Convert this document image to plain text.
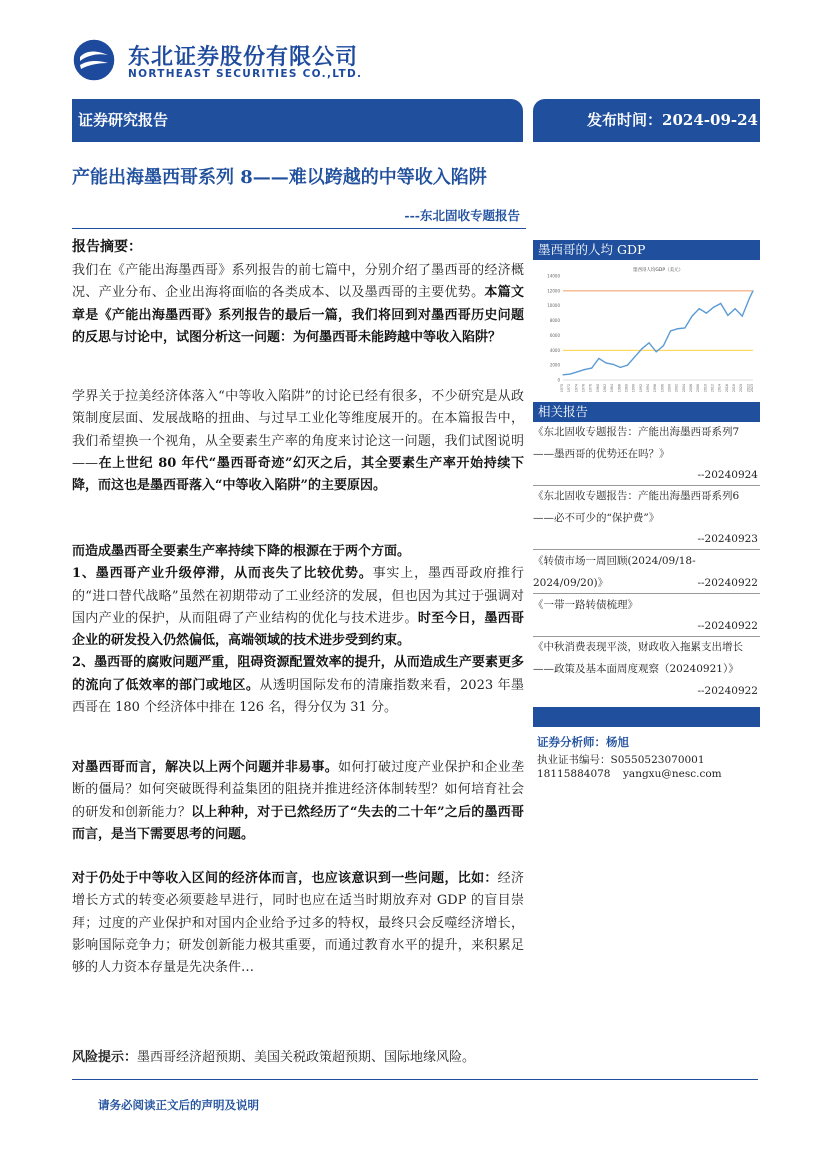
东北证券股份有限公司
NORTHEAST SECURITIES CO.,LTD.
证券研究报告	发布时间：2024-09-24
产能出海墨西哥系列 8——难以跨越的中等收入陷阱
---东北固收专题报告
报告摘要：
我们在《产能出海墨西哥》系列报告的前七篇中，分别介绍了墨西哥的经济概况、产业分布、企业出海将面临的各类成本、以及墨西哥的主要优势。本篇文章是《产能出海墨西哥》系列报告的最后一篇，我们将回到对墨西哥历史问题的反思与讨论中，试图分析这一问题：为何墨西哥未能跨越中等收入陷阱？
学界关于拉美经济体落入“中等收入陷阱”的讨论已经有很多，不少研究是从政策制度层面、发展战略的扭曲、与过早工业化等维度展开的。在本篇报告中，我们希望换一个视角，从全要素生产率的角度来讨论这一问题，我们试图说明——在上世纪 80 年代“墨西哥奇迹”幻灭之后，其全要素生产率开始持续下降，而这也是墨西哥落入“中等收入陷阱”的主要原因。
而造成墨西哥全要素生产率持续下降的根源在于两个方面。
1、墨西哥产业升级停滞，从而丧失了比较优势。事实上，墨西哥政府推行的“进口替代战略”虽然在初期带动了工业经济的发展，但也因为其过于强调对国内产业的保护，从而阻碍了产业结构的优化与技术进步。时至今日，墨西哥企业的研发投入仍然偏低，高端领域的技术进步受到约束。
2、墨西哥的腐败问题严重，阻碍资源配置效率的提升，从而造成生产要素更多的流向了低效率的部门或地区。从透明国际发布的清廉指数来看，2023 年墨西哥在 180 个经济体中排在 126 名，得分仅为 31 分。
对墨西哥而言，解决以上两个问题并非易事。如何打破过度产业保护和企业垄断的僵局？如何突破既得利益集团的阻挠并推进经济体制转型？如何培育社会的研发和创新能力？以上种种，对于已然经历了“失去的二十年”之后的墨西哥而言，是当下需要思考的问题。
对于仍处于中等收入区间的经济体而言，也应该意识到一些问题，比如：经济增长方式的转变必须要趁早进行，同时也应在适当时期放弃对 GDP 的盲目崇拜；过度的产业保护和对国内企业给予过多的特权，最终只会反噬经济增长，影响国际竞争力；研发创新能力极其重要，而通过教育水平的提升，来积累足够的人力资本存量是先决条件…
风险提示：墨西哥经济超预期、美国关税政策超预期、国际地缘风险。
请务必阅读正文后的声明及说明
墨西哥的人均 GDP
墨西哥人均GDP（美元）
0
2000
4000
6000
8000
10000
12000
14000
1970 1972 1974 1976 1978 1980 1982 1984 1986 1988 1990 1992 1994 1996 1998 2000 2002 2004 2006 2008 2010 2012 2014 2016 2018 2020 2022 2023
相关报告
《东北固收专题报告：产能出海墨西哥系列7——墨西哥的优势还在吗？》
--20240924
《东北固收专题报告：产能出海墨西哥系列6——必不可少的“保护费”》
--20240923
《转债市场一周回顾(2024/09/18-2024/09/20)》	--20240922
《一带一路转债梳理》
--20240922
《中秋消费表现平淡，财政收入拖累支出增长——政策及基本面周度观察（20240921）》
--20240922
证券分析师：杨旭
执业证书编号：S0550523070001
18115884078 yangxu@nesc.com
